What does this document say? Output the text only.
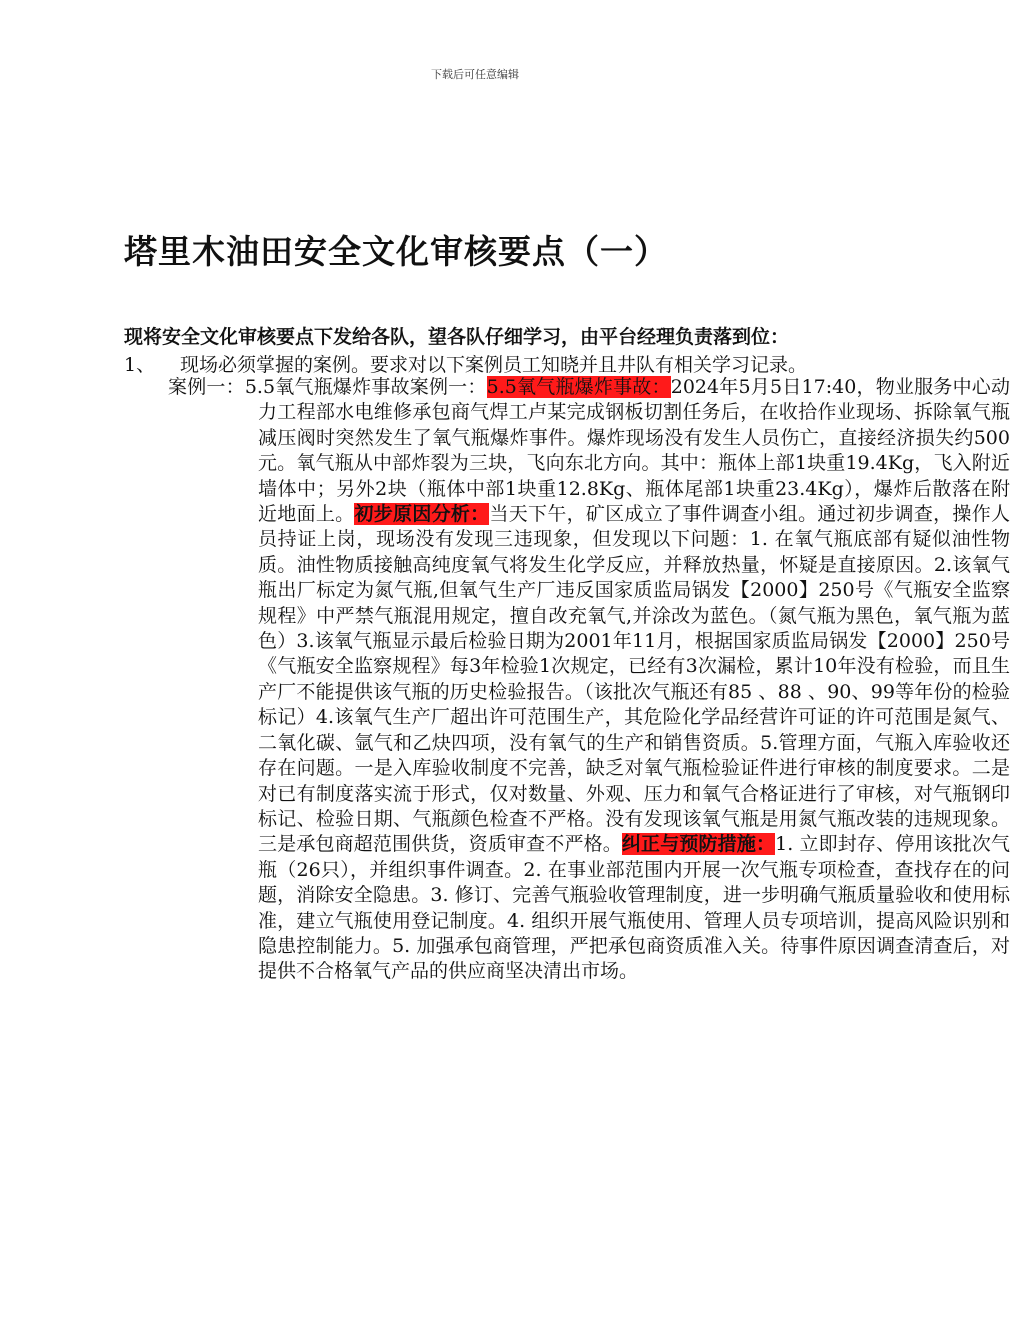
下载后可任意编辑
塔里木油田安全文化审核要点（一）
现将安全文化审核要点下发给各队，望各队仔细学习，由平台经理负责落到位：
1、 现场必须掌握的案例。要求对以下案例员工知晓并且井队有相关学习记录。
案例一：5.5氧气瓶爆炸事故案例一：5.5氧气瓶爆炸事故：2024年5月5日17:40，物业服务中心动力工程部水电维修承包商气焊工卢某完成钢板切割任务后，在收拾作业现场、拆除氧气瓶减压阀时突然发生了氧气瓶爆炸事件。爆炸现场没有发生人员伤亡，直接经济损失约500元。氧气瓶从中部炸裂为三块，飞向东北方向。其中：瓶体上部1块重19.4Kg，飞入附近墙体中；另外2块（瓶体中部1块重12.8Kg、瓶体尾部1块重23.4Kg），爆炸后散落在附近地面上。初步原因分析：当天下午，矿区成立了事件调查小组。通过初步调查，操作人员持证上岗，现场没有发现三违现象，但发现以下问题：1. 在氧气瓶底部有疑似油性物质。油性物质接触高纯度氧气将发生化学反应，并释放热量，怀疑是直接原因。2.该氧气瓶出厂标定为氮气瓶,但氧气生产厂违反国家质监局锅发【2000】250号《气瓶安全监察规程》中严禁气瓶混用规定，擅自改充氧气,并涂改为蓝色。（氮气瓶为黑色，氧气瓶为蓝色）3.该氧气瓶显示最后检验日期为2001年11月，根据国家质监局锅发【2000】250号《气瓶安全监察规程》每3年检验1次规定，已经有3次漏检，累计10年没有检验，而且生产厂不能提供该气瓶的历史检验报告。（该批次气瓶还有85 、88 、90、99等年份的检验标记）4.该氧气生产厂超出许可范围生产，其危险化学品经营许可证的许可范围是氮气、二氧化碳、氩气和乙炔四项，没有氧气的生产和销售资质。5.管理方面，气瓶入库验收还存在问题。一是入库验收制度不完善，缺乏对氧气瓶检验证件进行审核的制度要求。二是对已有制度落实流于形式，仅对数量、外观、压力和氧气合格证进行了审核，对气瓶钢印标记、检验日期、气瓶颜色检查不严格。没有发现该氧气瓶是用氮气瓶改装的违规现象。三是承包商超范围供货，资质审查不严格。纠正与预防措施：1. 立即封存、停用该批次气瓶（26只），并组织事件调查。2. 在事业部范围内开展一次气瓶专项检查，查找存在的问题，消除安全隐患。3. 修订、完善气瓶验收管理制度，进一步明确气瓶质量验收和使用标准，建立气瓶使用登记制度。4. 组织开展气瓶使用、管理人员专项培训，提高风险识别和隐患控制能力。5. 加强承包商管理，严把承包商资质准入关。待事件原因调查清查后，对提供不合格氧气产品的供应商坚决清出市场。
